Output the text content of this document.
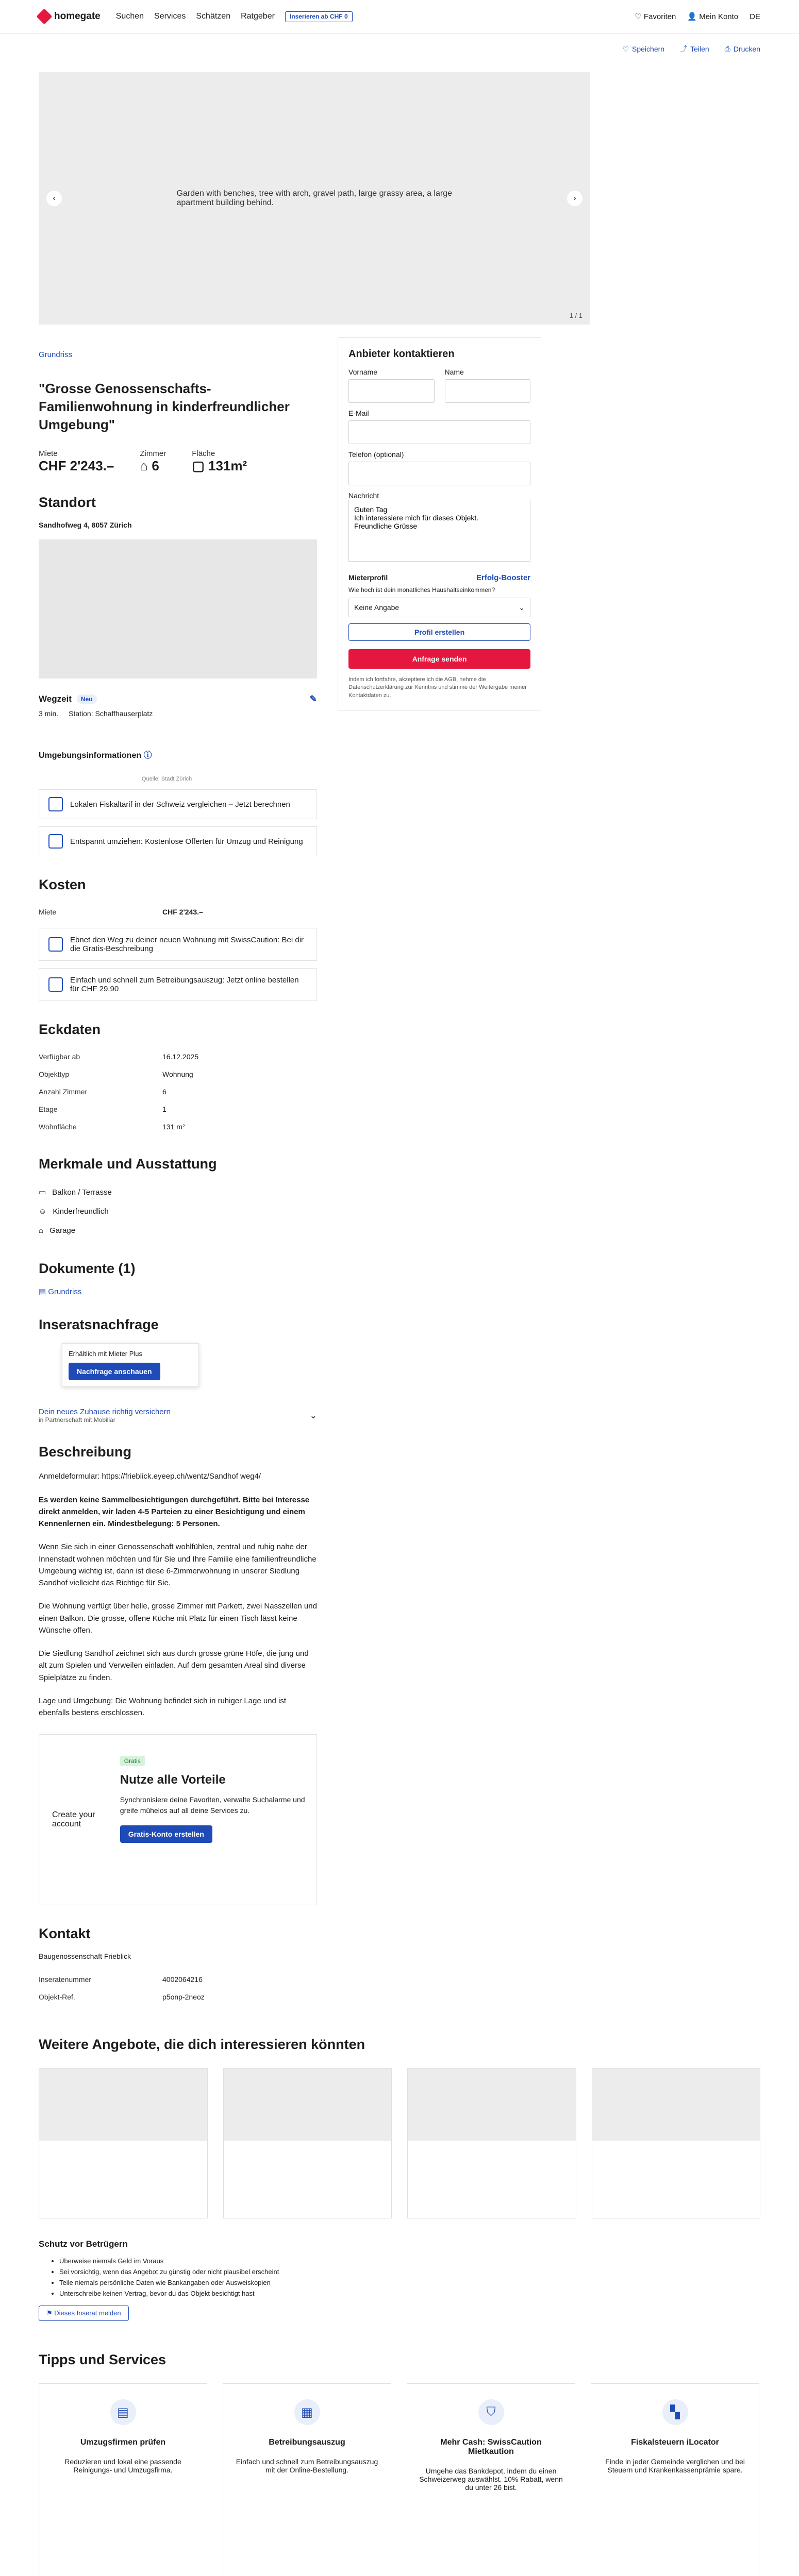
homegate Suchen Services Schätzen Ratgeber	Inserieren ab CHF 0	♡ Favoriten 👤 Mein Konto DE
♡ Speichern ⤴ Teilen ⎙ Drucken
‹
Garden with benches, tree with arch, gravel path, large grassy area, a large apartment building behind.
›
1 / 1
Grundriss
"Grosse Genossenschafts-Familienwohnung in kinderfreundlicher Umgebung"
Miete
CHF 2'243.–
Zimmer
⌂ 6
Fläche
▢ 131m²
Standort
Sandhofweg 4, 8057 Zürich
Wegzeit	Neu	✎
3 min. Station: Schaffhauserplatz
Umgebungsinformationen ⓘ
Quelle: Stadt Zürich
Lokalen Fiskaltarif in der Schweiz vergleichen – Jetzt berechnen
Entspannt umziehen: Kostenlose Offerten für Umzug und Reinigung
Kosten
Miete	CHF 2'243.–
Ebnet den Weg zu deiner neuen Wohnung mit SwissCaution: Bei dir die Gratis-Beschreibung
Einfach und schnell zum Betreibungsauszug: Jetzt online bestellen für CHF 29.90
Eckdaten
Verfügbar ab	16.12.2025
Objekttyp	Wohnung
Anzahl Zimmer	6
Etage	1
Wohnfläche	131 m²
Merkmale und Ausstattung
▭ Balkon / Terrasse
☺ Kinderfreundlich
⌂ Garage
Dokumente (1)
▤ Grundriss
Inseratsnachfrage
Erhältlich mit Mieter Plus
Nachfrage anschauen
Dein neues Zuhause richtig versichern
in Partnerschaft mit Mobiliar	⌄
Beschreibung

Anmeldeformular: https://frieblick.eyeep.ch/wentz/Sandhof weg4/

Es werden keine Sammelbesichtigungen durchgeführt. Bitte bei Interesse direkt anmelden, wir laden 4-5 Parteien zu einer Besichtigung und einem Kennenlernen ein. Mindestbelegung: 5 Personen.

Wenn Sie sich in einer Genossenschaft wohlfühlen, zentral und ruhig nahe der Innenstadt wohnen möchten und für Sie und Ihre Familie eine familienfreundliche Umgebung wichtig ist, dann ist diese 6-Zimmerwohnung in unserer Siedlung Sandhof vielleicht das Richtige für Sie.

Die Wohnung verfügt über helle, grosse Zimmer mit Parkett, zwei Nasszellen und einen Balkon. Die grosse, offene Küche mit Platz für einen Tisch lässt keine Wünsche offen.

Die Siedlung Sandhof zeichnet sich aus durch grosse grüne Höfe, die jung und alt zum Spielen und Verweilen einladen. Auf dem gesamten Areal sind diverse Spielplätze zu finden.

Lage und Umgebung: Die Wohnung befindet sich in ruhiger Lage und ist ebenfalls bestens erschlossen.

Create your account
Gratis
Nutze alle Vorteile
Synchronisiere deine Favoriten, verwalte Suchalarme und greife mühelos auf all deine Services zu.
Gratis-Konto erstellen
Kontakt
Baugenossenschaft Frieblick
Inseratenummer	4002064216
Objekt-Ref.	p5onp-2neoz
Anbieter kontaktieren
Vorname	Name
E-Mail
Telefon (optional)
Nachricht Guten Tag Ich interessiere mich für dieses Objekt. Freundliche Grüsse
Mieterprofil	Erfolg-Booster
Wie hoch ist dein monatliches Haushaltseinkommen?
Keine Angabe	⌄
Profil erstellen
Anfrage senden
Indem ich fortfahre, akzeptiere ich die AGB, nehme die Datenschutzerklärung zur Kenntnis und stimme der Weitergabe meiner Kontaktdaten zu.
Weitere Angebote, die dich interessieren könnten
Schutz vor Betrügern
• Überweise niemals Geld im Voraus
• Sei vorsichtig, wenn das Angebot zu günstig oder nicht plausibel erscheint
• Teile niemals persönliche Daten wie Bankangaben oder Ausweiskopien
• Unterschreibe keinen Vertrag, bevor du das Objekt besichtigt hast
⚑ Dieses Inserat melden
Tipps und Services
▤
Umzugsfirmen prüfen
Reduzieren und lokal eine passende Reinigungs- und Umzugsfirma.
▦
Betreibungsauszug
Einfach und schnell zum Betreibungsauszug mit der Online-Bestellung.
⛉
Mehr Cash: SwissCaution Mietkaution
Umgehe das Bankdepot, indem du einen Schweizerweg auswählst. 10% Rabatt, wenn du unter 26 bist.
▚
Fiskalsteuern iLocator
Finde in jeder Gemeinde verglichen und bei Steuern und Krankenkassenprämie spare.
